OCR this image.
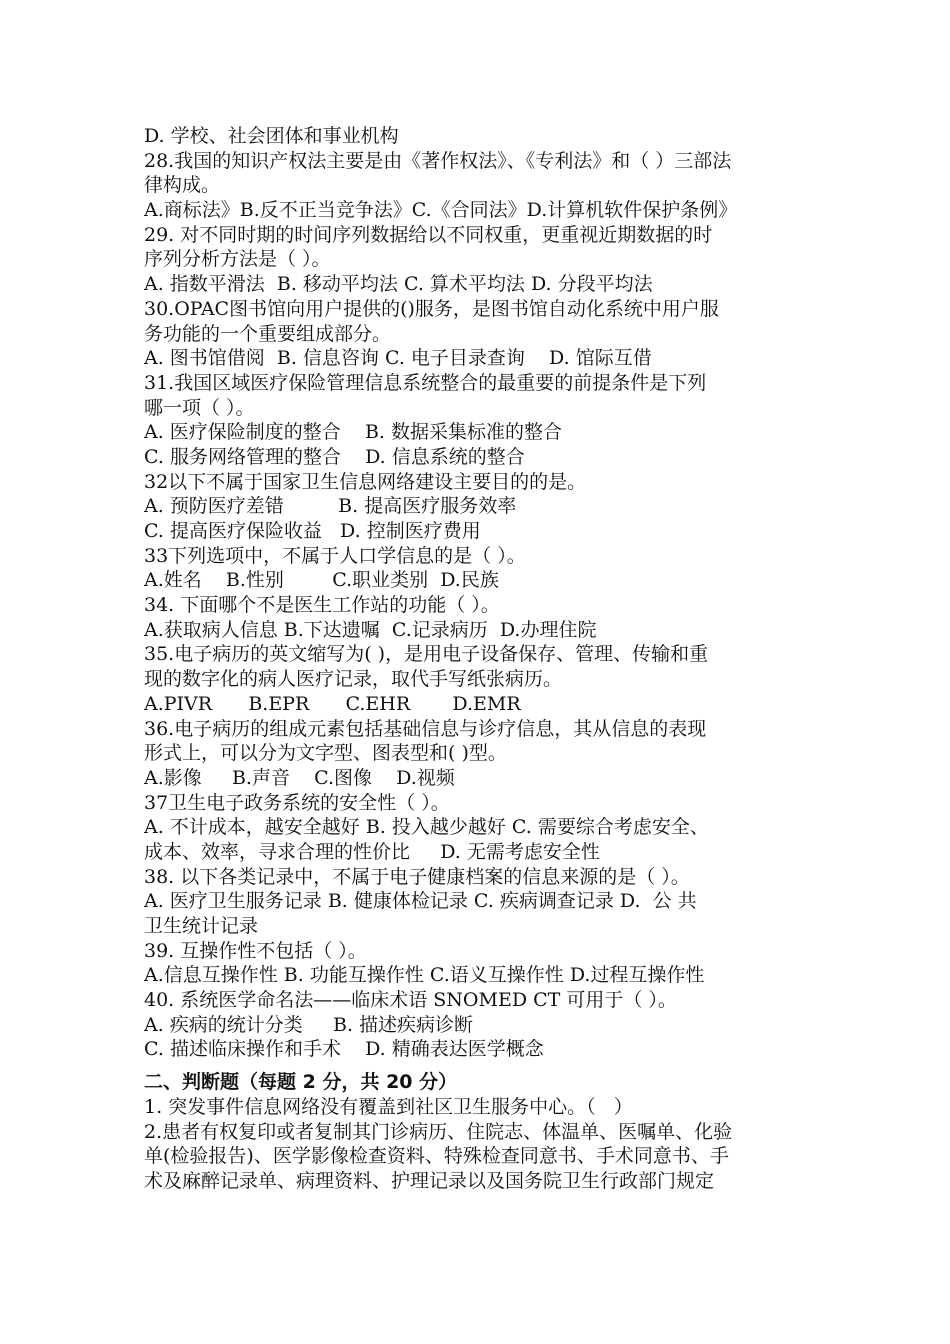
D. 学校、社会团体和事业机构
28.我国的知识产权法主要是由《著作权法》、《专利法》和（ ）三部法
律构成。
A.商标法》B.反不正当竞争法》C.《合同法》D.计算机软件保护条例》
29. 对不同时期的时间序列数据给以不同权重，更重视近期数据的时
序列分析方法是（ ）。
A. 指数平滑法  B. 移动平均法 C. 算术平均法 D. 分段平均法
30.OPAC图书馆向用户提供的()服务，是图书馆自动化系统中用户服
务功能的一个重要组成部分。
A. 图书馆借阅  B. 信息咨询 C. 电子目录查询    D. 馆际互借
31.我国区域医疗保险管理信息系统整合的最重要的前提条件是下列
哪一项（ ）。
A. 医疗保险制度的整合    B. 数据采集标准的整合
C. 服务网络管理的整合    D. 信息系统的整合
32以下不属于国家卫生信息网络建设主要目的的是。
A. 预防医疗差错         B. 提高医疗服务效率
C. 提高医疗保险收益   D. 控制医疗费用
33下列选项中，不属于人口学信息的是（ ）。
A.姓名    B.性别        C.职业类别  D.民族
34. 下面哪个不是医生工作站的功能（ ）。
A.获取病人信息 B.下达遗嘱  C.记录病历  D.办理住院
35.电子病历的英文缩写为( )，是用电子设备保存、管理、传输和重
现的数字化的病人医疗记录，取代手写纸张病历。
A.PIVR      B.EPR      C.EHR       D.EMR
36.电子病历的组成元素包括基础信息与诊疗信息，其从信息的表现
形式上，可以分为文字型、图表型和( )型。
A.影像     B.声音    C.图像    D.视频
37卫生电子政务系统的安全性（ ）。
A. 不计成本，越安全越好 B. 投入越少越好 C. 需要综合考虑安全、
成本、效率，寻求合理的性价比     D. 无需考虑安全性
38. 以下各类记录中，不属于电子健康档案的信息来源的是（ ）。
A. 医疗卫生服务记录 B. 健康体检记录 C. 疾病调查记录 D.  公 共
卫生统计记录
39. 互操作性不包括（ ）。
A.信息互操作性 B. 功能互操作性 C.语义互操作性 D.过程互操作性
40. 系统医学命名法——临床术语 SNOMED CT 可用于（ ）。
A. 疾病的统计分类     B. 描述疾病诊断
C. 描述临床操作和手术    D. 精确表达医学概念
二、判断题（每题 2 分，共 20 分）
1. 突发事件信息网络没有覆盖到社区卫生服务中心。（   ）
2.患者有权复印或者复制其门诊病历、住院志、体温单、医嘱单、化验
单(检验报告)、医学影像检查资料、特殊检查同意书、手术同意书、手
术及麻醉记录单、病理资料、护理记录以及国务院卫生行政部门规定
